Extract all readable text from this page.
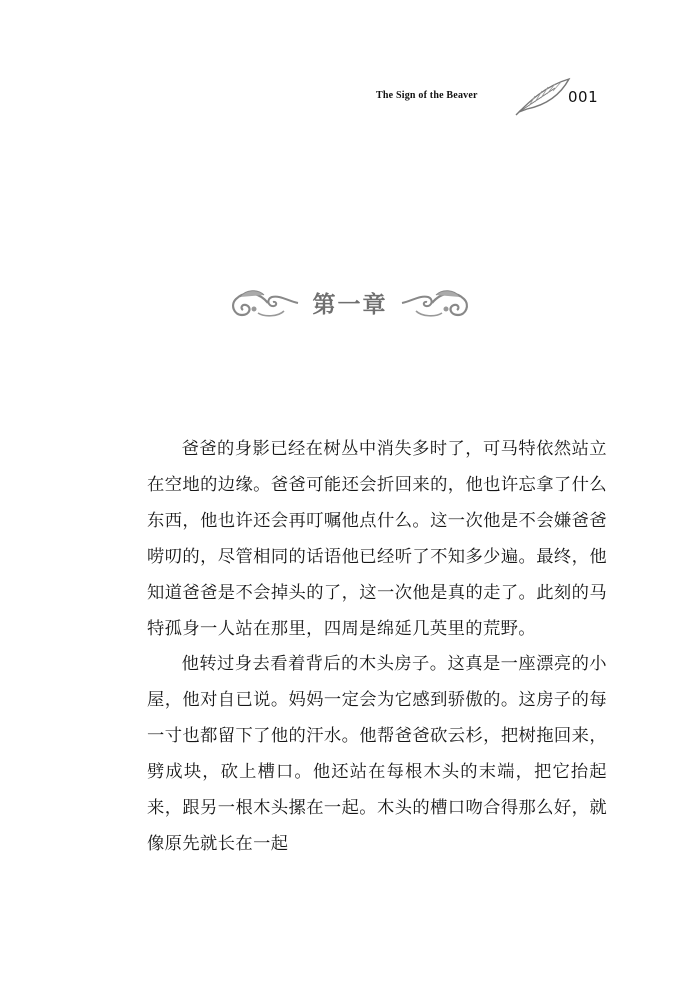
The Sign of the Beaver	001
第一章

爸爸的身影已经在树丛中消失多时了，可马特依然站立在空地的边缘。爸爸可能还会折回来的，他也许忘拿了什么东西，他也许还会再叮嘱他点什么。这一次他是不会嫌爸爸唠叨的，尽管相同的话语他已经听了不知多少遍。最终，他知道爸爸是不会掉头的了，这一次他是真的走了。此刻的马特孤身一人站在那里，四周是绵延几英里的荒野。

他转过身去看着背后的木头房子。这真是一座漂亮的小屋，他对自已说。妈妈一定会为它感到骄傲的。这房子的每一寸也都留下了他的汗水。他帮爸爸砍云杉，把树拖回来，劈成块，砍上槽口。他还站在每根木头的末端，把它抬起来，跟另一根木头摞在一起。木头的槽口吻合得那么好，就像原先就长在一起
